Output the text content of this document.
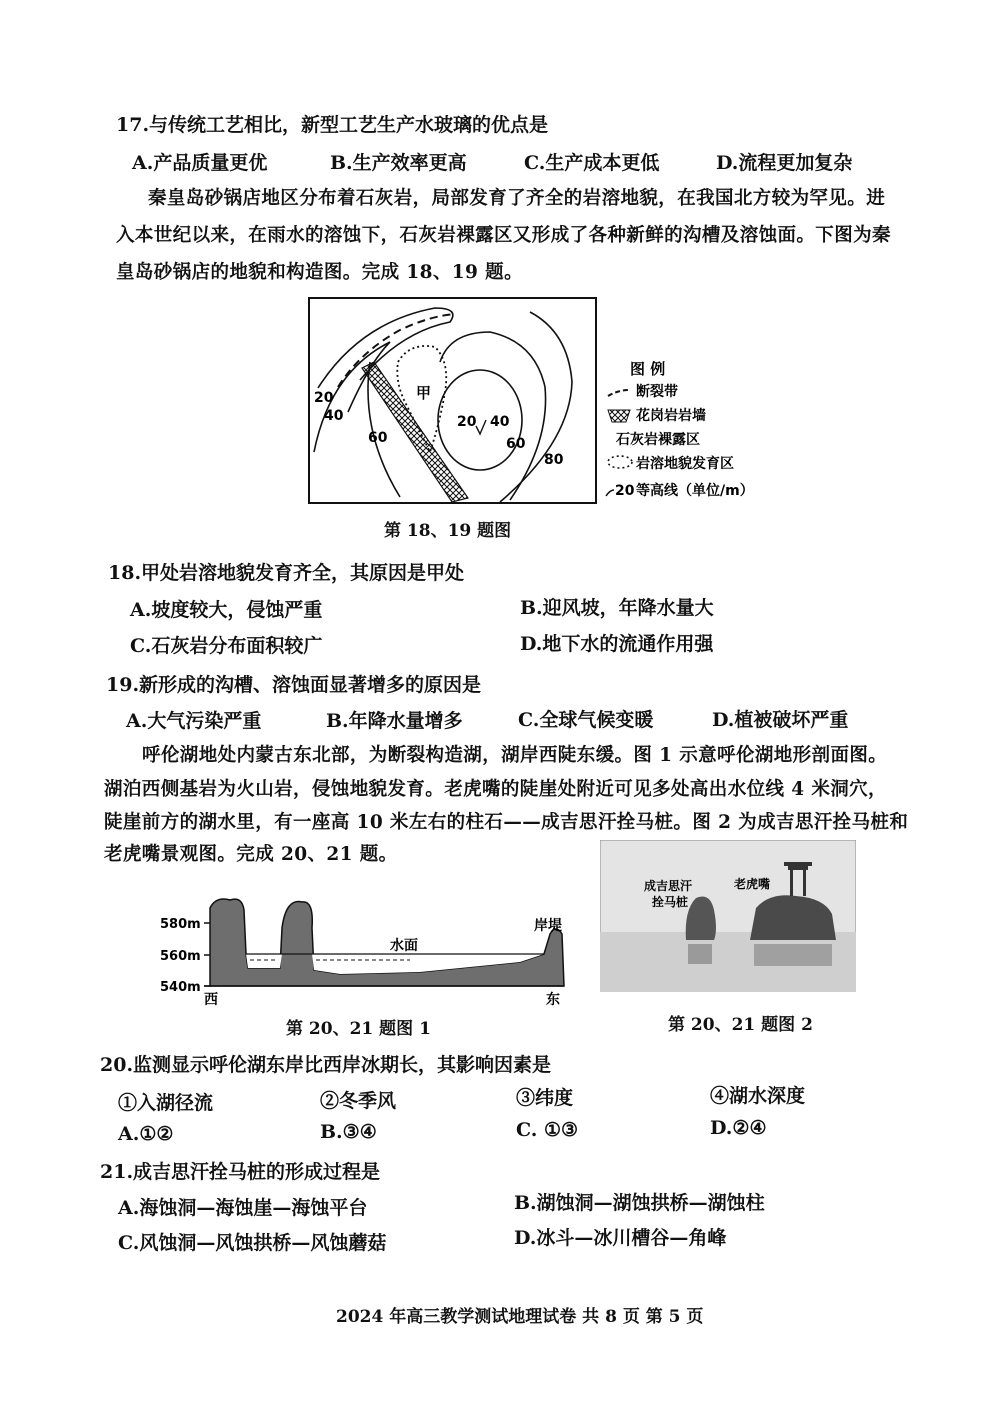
17.与传统工艺相比，新型工艺生产水玻璃的优点是
A.产品质量更优	B.生产效率更高	C.生产成本更低	D.流程更加复杂
秦皇岛砂锅店地区分布着石灰岩，局部发育了齐全的岩溶地貌，在我国北方较为罕见。进
入本世纪以来，在雨水的溶蚀下，石灰岩裸露区又形成了各种新鲜的沟槽及溶蚀面。下图为秦
皇岛砂锅店的地貌和构造图。完成 18、19 题。
甲
20
40
60
20 40
60
80
图 例
断裂带
花岗岩岩墙
石灰岩裸露区
岩溶地貌发育区
20 等高线（单位/m）
第 18、19 题图
18.甲处岩溶地貌发育齐全，其原因是甲处
A.坡度较大，侵蚀严重	B.迎风坡，年降水量大
C.石灰岩分布面积较广	D.地下水的流通作用强
19.新形成的沟槽、溶蚀面显著增多的原因是
A.大气污染严重	B.年降水量增多	C.全球气候变暖	D.植被破坏严重
呼伦湖地处内蒙古东北部，为断裂构造湖，湖岸西陡东缓。图 1 示意呼伦湖地形剖面图。
湖泊西侧基岩为火山岩，侵蚀地貌发育。老虎嘴的陡崖处附近可见多处高出水位线 4 米洞穴，
陡崖前方的湖水里，有一座高 10 米左右的柱石——成吉思汗拴马桩。图 2 为成吉思汗拴马桩和
老虎嘴景观图。完成 20、21 题。
580m
560m
540m
水面
岸堤
西	东
第 20、21 题图 1
成吉思汗
拴马桩
老虎嘴
第 20、21 题图 2
20.监测显示呼伦湖东岸比西岸冰期长，其影响因素是
①入湖径流	②冬季风	③纬度	④湖水深度
A.①②	B.③④	C. ①③	D.②④
21.成吉思汗拴马桩的形成过程是
A.海蚀洞—海蚀崖—海蚀平台	B.湖蚀洞—湖蚀拱桥—湖蚀柱
C.风蚀洞—风蚀拱桥—风蚀蘑菇	D.冰斗—冰川槽谷—角峰
2024 年高三教学测试地理试卷 共 8 页 第 5 页
